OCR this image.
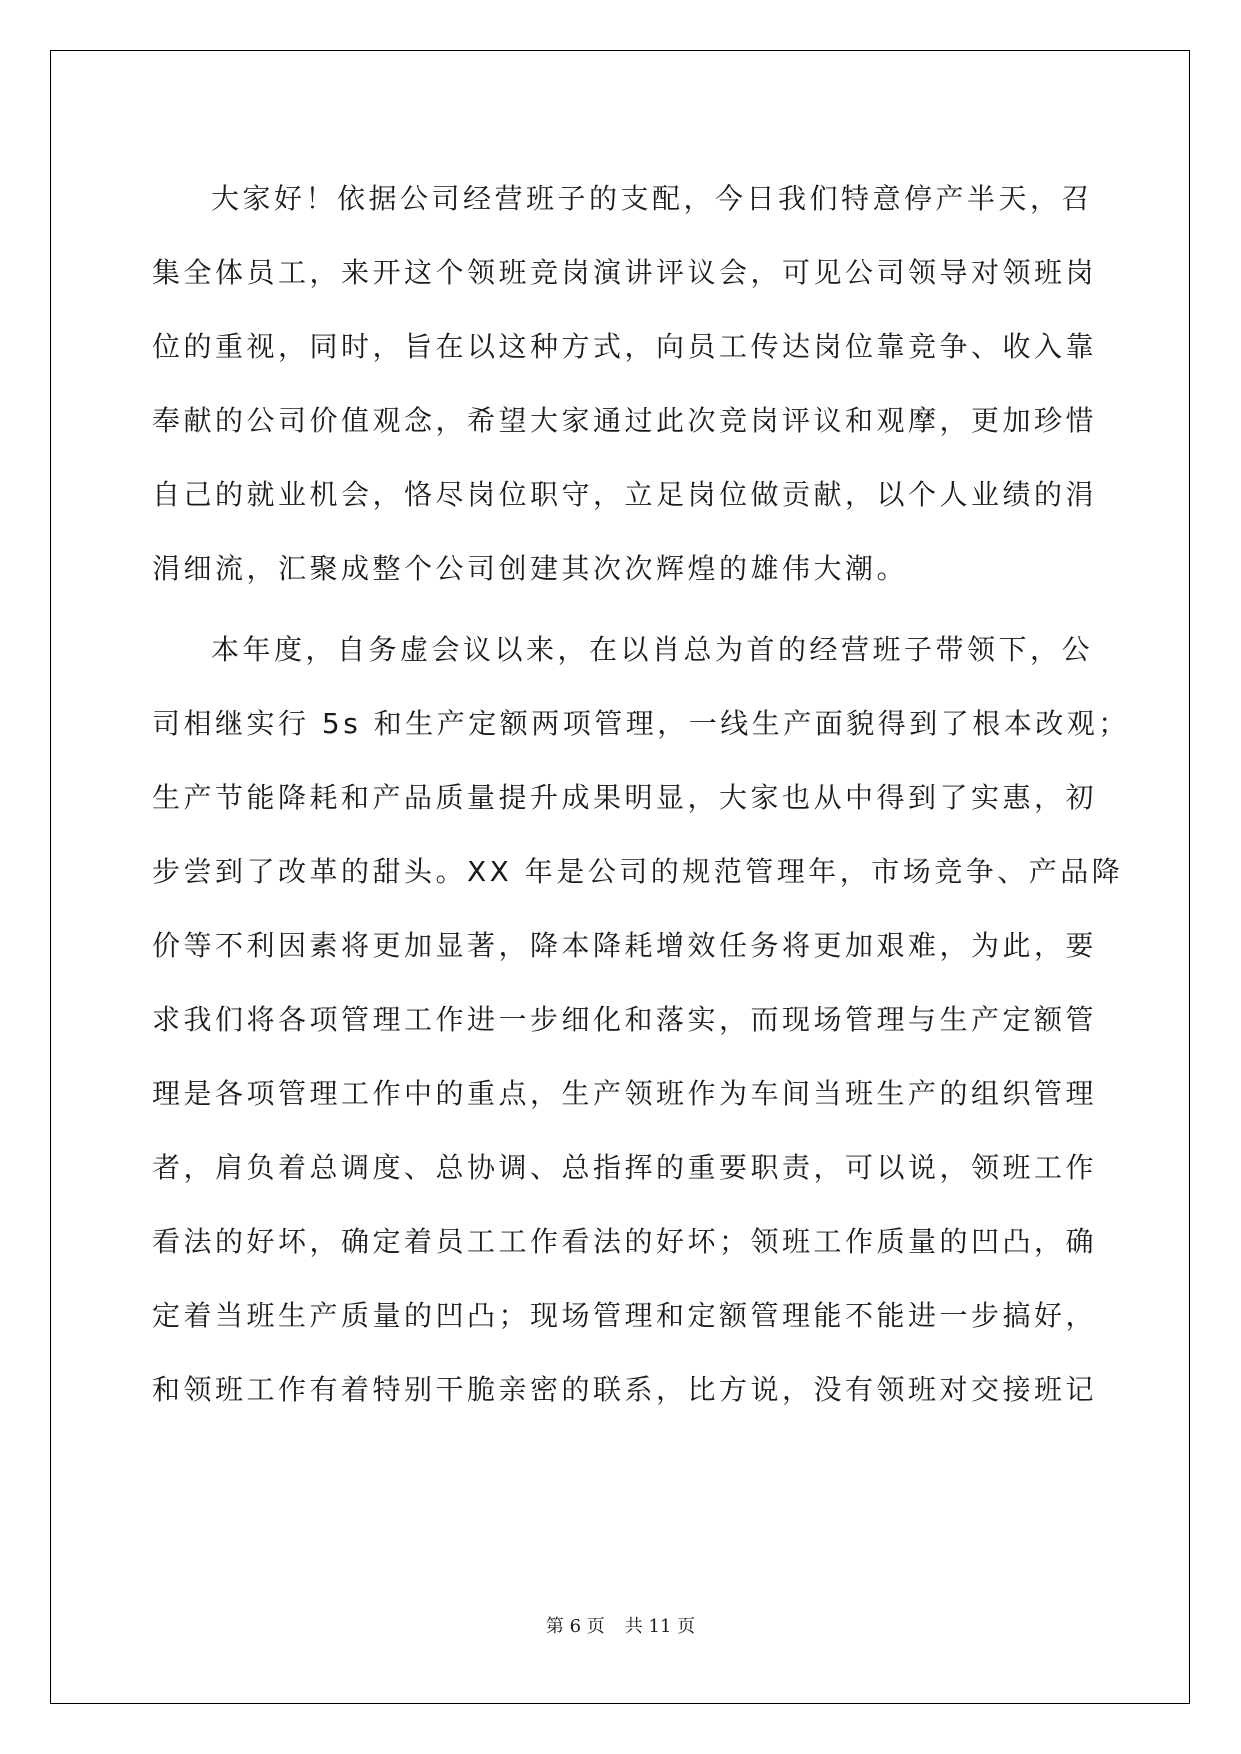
大家好！依据公司经营班子的支配，今日我们特意停产半天，召
集全体员工，来开这个领班竞岗演讲评议会，可见公司领导对领班岗
位的重视，同时，旨在以这种方式，向员工传达岗位靠竞争、收入靠
奉献的公司价值观念，希望大家通过此次竞岗评议和观摩，更加珍惜
自己的就业机会，恪尽岗位职守，立足岗位做贡献，以个人业绩的涓
涓细流，汇聚成整个公司创建其次次辉煌的雄伟大潮。
本年度，自务虚会议以来，在以肖总为首的经营班子带领下，公
司相继实行 5s 和生产定额两项管理，一线生产面貌得到了根本改观；
生产节能降耗和产品质量提升成果明显，大家也从中得到了实惠，初
步尝到了改革的甜头。XX 年是公司的规范管理年，市场竞争、产品降
价等不利因素将更加显著，降本降耗增效任务将更加艰难，为此，要
求我们将各项管理工作进一步细化和落实，而现场管理与生产定额管
理是各项管理工作中的重点，生产领班作为车间当班生产的组织管理
者，肩负着总调度、总协调、总指挥的重要职责，可以说，领班工作
看法的好坏，确定着员工工作看法的好坏；领班工作质量的凹凸，确
定着当班生产质量的凹凸；现场管理和定额管理能不能进一步搞好，
和领班工作有着特别干脆亲密的联系，比方说，没有领班对交接班记
第 6 页 共 11 页
